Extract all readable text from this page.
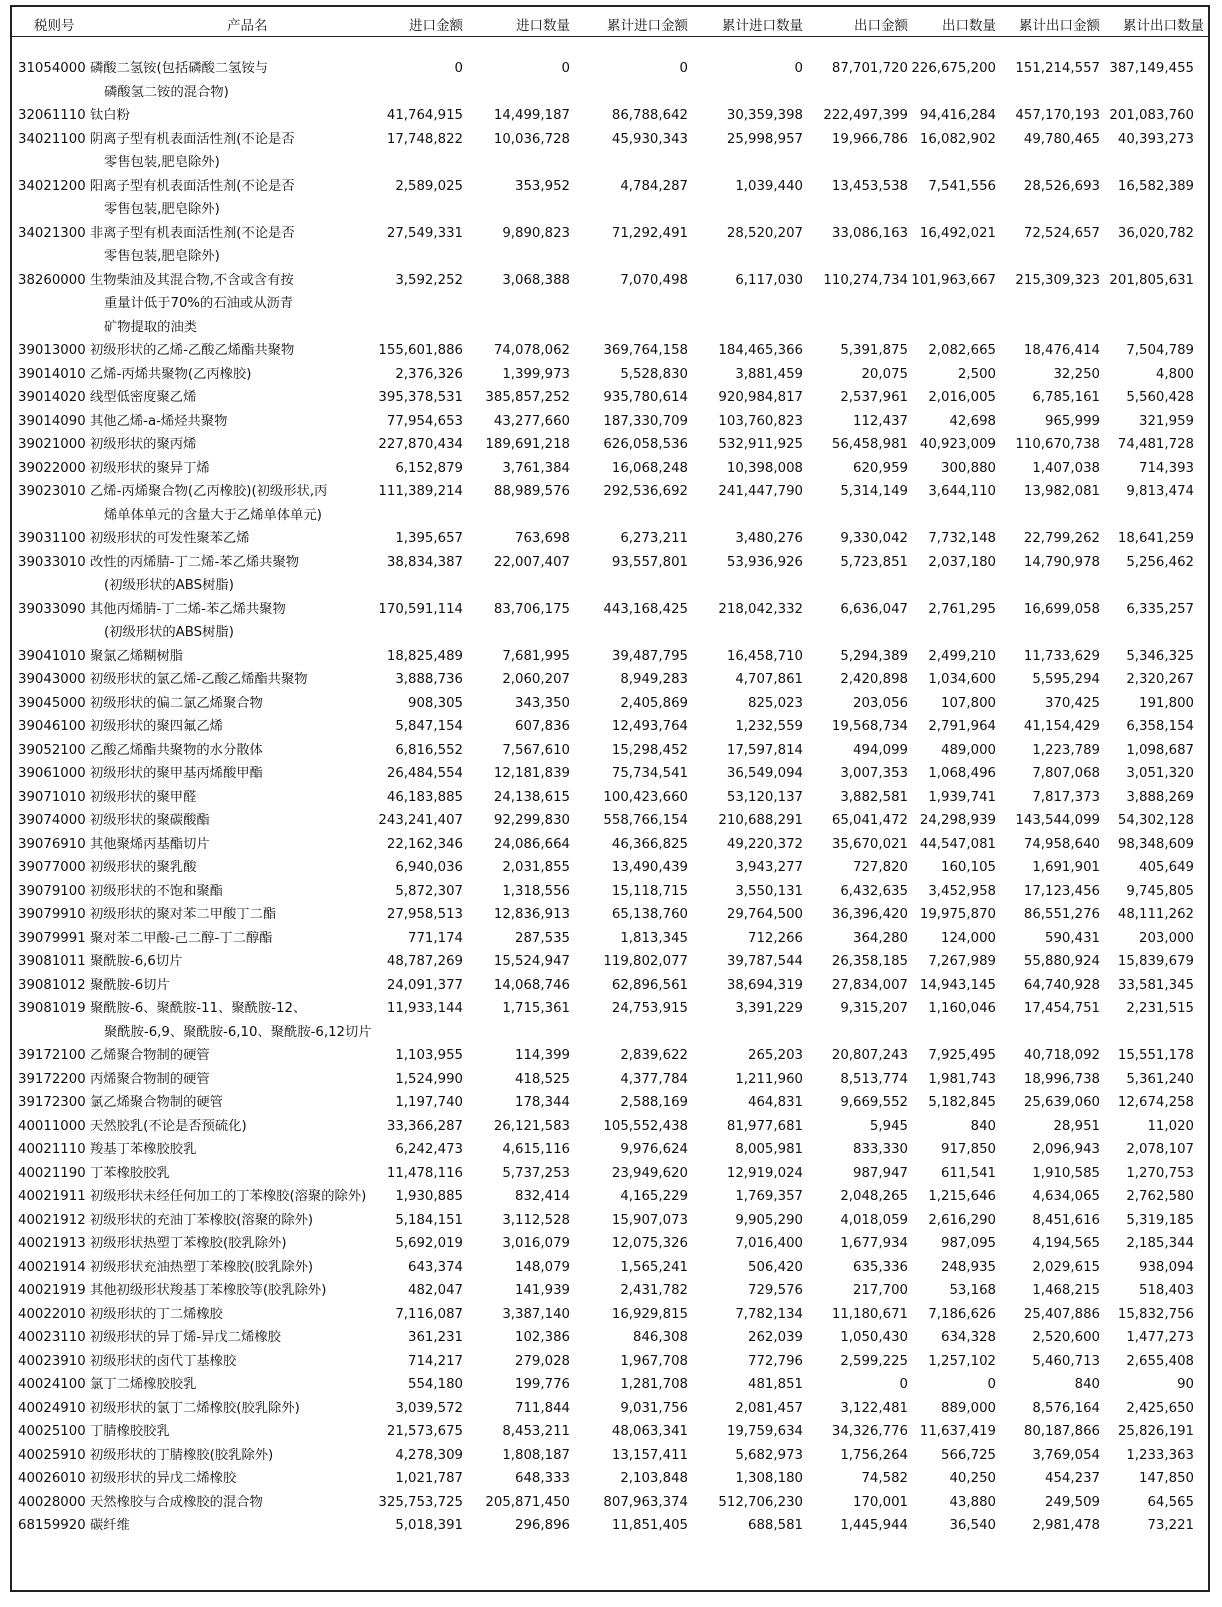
税则号	产品名	进口金额	进口数量	累计进口金额	累计进口数量	出口金额	出口数量 累计出口金额 累计出口数量
31054000 磷酸二氢铵(包括磷酸二氢铵与
磷酸氢二铵的混合物)
0	0	0	0 87,701,720 226,675,200 151,214,557 387,149,455
32061110 钛白粉	41,764,915 14,499,187	86,788,642	30,359,398 222,497,399 94,416,284 457,170,193 201,083,760
34021100 阴离子型有机表面活性剂(不论是否
零售包装,肥皂除外)
17,748,822 10,036,728	45,930,343	25,998,957 19,966,786 16,082,902 49,780,465 40,393,273
34021200 阳离子型有机表面活性剂(不论是否
零售包装,肥皂除外)
2,589,025	353,952	4,784,287	1,039,440 13,453,538 7,541,556 28,526,693 16,582,389
34021300 非离子型有机表面活性剂(不论是否
零售包装,肥皂除外)
27,549,331	9,890,823	71,292,491	28,520,207 33,086,163 16,492,021 72,524,657 36,020,782
38260000 生物柴油及其混合物,不含或含有按
重量计低于70%的石油或从沥青
矿物提取的油类
3,592,252	3,068,388	7,070,498	6,117,030 110,274,734 101,963,667 215,309,323 201,805,631
39013000 初级形状的乙烯-乙酸乙烯酯共聚物	155,601,886 74,078,062	369,764,158 184,465,366	5,391,875 2,082,665 18,476,414 7,504,789
39014010 乙烯-丙烯共聚物(乙丙橡胶)	2,376,326	1,399,973	5,528,830	3,881,459	20,075	2,500	32,250	4,800
39014020 线型低密度聚乙烯	395,378,531 385,857,252	935,780,614 920,984,817	2,537,961 2,016,005	6,785,161 5,560,428
39014090 其他乙烯-a-烯烃共聚物	77,954,653 43,277,660	187,330,709 103,760,823	112,437	42,698	965,999	321,959
39021000 初级形状的聚丙烯	227,870,434 189,691,218	626,058,536 532,911,925 56,458,981 40,923,009 110,670,738 74,481,728
39022000 初级形状的聚异丁烯	6,152,879	3,761,384	16,068,248	10,398,008	620,959 300,880	1,407,038	714,393
39023010 乙烯-丙烯聚合物(乙丙橡胶)(初级形状,丙
烯单体单元的含量大于乙烯单体单元)
111,389,214 88,989,576	292,536,692 241,447,790	5,314,149 3,644,110 13,982,081 9,813,474
39031100 初级形状的可发性聚苯乙烯	1,395,657	763,698	6,273,211	3,480,276	9,330,042 7,732,148 22,799,262 18,641,259
39033010 改性的丙烯腈-丁二烯-苯乙烯共聚物
(初级形状的ABS树脂)
38,834,387 22,007,407	93,557,801	53,936,926	5,723,851 2,037,180 14,790,978 5,256,462
39033090 其他丙烯腈-丁二烯-苯乙烯共聚物
(初级形状的ABS树脂)
170,591,114 83,706,175	443,168,425 218,042,332	6,636,047 2,761,295 16,699,058 6,335,257
39041010 聚氯乙烯糊树脂	18,825,489	7,681,995	39,487,795	16,458,710	5,294,389 2,499,210 11,733,629 5,346,325
39043000 初级形状的氯乙烯-乙酸乙烯酯共聚物	3,888,736	2,060,207	8,949,283	4,707,861	2,420,898 1,034,600	5,595,294 2,320,267
39045000 初级形状的偏二氯乙烯聚合物	908,305	343,350	2,405,869	825,023	203,056 107,800	370,425	191,800
39046100 初级形状的聚四氟乙烯	5,847,154	607,836	12,493,764	1,232,559 19,568,734 2,791,964 41,154,429 6,358,154
39052100 乙酸乙烯酯共聚物的水分散体	6,816,552	7,567,610	15,298,452	17,597,814	494,099 489,000	1,223,789 1,098,687
39061000 初级形状的聚甲基丙烯酸甲酯	26,484,554 12,181,839	75,734,541	36,549,094	3,007,353 1,068,496	7,807,068 3,051,320
39071010 初级形状的聚甲醛	46,183,885 24,138,615	100,423,660	53,120,137	3,882,581 1,939,741	7,817,373 3,888,269
39074000 初级形状的聚碳酸酯	243,241,407 92,299,830	558,766,154 210,688,291 65,041,472 24,298,939 143,544,099 54,302,128
39076910 其他聚烯丙基酯切片	22,162,346 24,086,664	46,366,825	49,220,372 35,670,021 44,547,081 74,958,640 98,348,609
39077000 初级形状的聚乳酸	6,940,036	2,031,855	13,490,439	3,943,277	727,820 160,105	1,691,901	405,649
39079100 初级形状的不饱和聚酯	5,872,307	1,318,556	15,118,715	3,550,131	6,432,635 3,452,958 17,123,456 9,745,805
39079910 初级形状的聚对苯二甲酸丁二酯	27,958,513 12,836,913	65,138,760	29,764,500 36,396,420 19,975,870 86,551,276 48,111,262
39079991 聚对苯二甲酸-己二醇-丁二醇酯	771,174	287,535	1,813,345	712,266	364,280 124,000	590,431	203,000
39081011 聚酰胺-6,6切片	48,787,269 15,524,947	119,802,077	39,787,544 26,358,185 7,267,989 55,880,924 15,839,679
39081012 聚酰胺-6切片	24,091,377 14,068,746	62,896,561	38,694,319 27,834,007 14,943,145 64,740,928 33,581,345
39081019 聚酰胺-6、聚酰胺-11、聚酰胺-12、
聚酰胺-6,9、聚酰胺-6,10、聚酰胺-6,12切片
11,933,144	1,715,361	24,753,915	3,391,229	9,315,207 1,160,046 17,454,751 2,231,515
39172100 乙烯聚合物制的硬管	1,103,955	114,399	2,839,622	265,203 20,807,243 7,925,495 40,718,092 15,551,178
39172200 丙烯聚合物制的硬管	1,524,990	418,525	4,377,784	1,211,960	8,513,774 1,981,743 18,996,738 5,361,240
39172300 氯乙烯聚合物制的硬管	1,197,740	178,344	2,588,169	464,831	9,669,552 5,182,845 25,639,060 12,674,258
40011000 天然胶乳(不论是否预硫化)	33,366,287 26,121,583	105,552,438	81,977,681	5,945	840	28,951	11,020
40021110 羧基丁苯橡胶胶乳	6,242,473	4,615,116	9,976,624	8,005,981	833,330 917,850	2,096,943 2,078,107
40021190 丁苯橡胶胶乳	11,478,116	5,737,253	23,949,620	12,919,024	987,947 611,541	1,910,585 1,270,753
40021911 初级形状未经任何加工的丁苯橡胶(溶聚的除外) 1,930,885	832,414	4,165,229	1,769,357	2,048,265 1,215,646	4,634,065 2,762,580
40021912 初级形状的充油丁苯橡胶(溶聚的除外)	5,184,151	3,112,528	15,907,073	9,905,290	4,018,059 2,616,290	8,451,616 5,319,185
40021913 初级形状热塑丁苯橡胶(胶乳除外)	5,692,019	3,016,079	12,075,326	7,016,400	1,677,934 987,095	4,194,565 2,185,344
40021914 初级形状充油热塑丁苯橡胶(胶乳除外)	643,374	148,079	1,565,241	506,420	635,336 248,935	2,029,615	938,094
40021919 其他初级形状羧基丁苯橡胶等(胶乳除外)	482,047	141,939	2,431,782	729,576	217,700	53,168	1,468,215	518,403
40022010 初级形状的丁二烯橡胶	7,116,087	3,387,140	16,929,815	7,782,134 11,180,671 7,186,626 25,407,886 15,832,756
40023110 初级形状的异丁烯-异戊二烯橡胶	361,231	102,386	846,308	262,039	1,050,430 634,328	2,520,600 1,477,273
40023910 初级形状的卤代丁基橡胶	714,217	279,028	1,967,708	772,796	2,599,225 1,257,102	5,460,713 2,655,408
40024100 氯丁二烯橡胶胶乳	554,180	199,776	1,281,708	481,851	0	0	840	90
40024910 初级形状的氯丁二烯橡胶(胶乳除外)	3,039,572	711,844	9,031,756	2,081,457	3,122,481 889,000	8,576,164 2,425,650
40025100 丁腈橡胶胶乳	21,573,675	8,453,211	48,063,341	19,759,634 34,326,776 11,637,419 80,187,866 25,826,191
40025910 初级形状的丁腈橡胶(胶乳除外)	4,278,309	1,808,187	13,157,411	5,682,973	1,756,264 566,725	3,769,054 1,233,363
40026010 初级形状的异戊二烯橡胶	1,021,787	648,333	2,103,848	1,308,180	74,582	40,250	454,237	147,850
40028000 天然橡胶与合成橡胶的混合物	325,753,725 205,871,450	807,963,374 512,706,230	170,001	43,880	249,509	64,565
68159920 碳纤维	5,018,391	296,896	11,851,405	688,581	1,445,944	36,540	2,981,478	73,221
